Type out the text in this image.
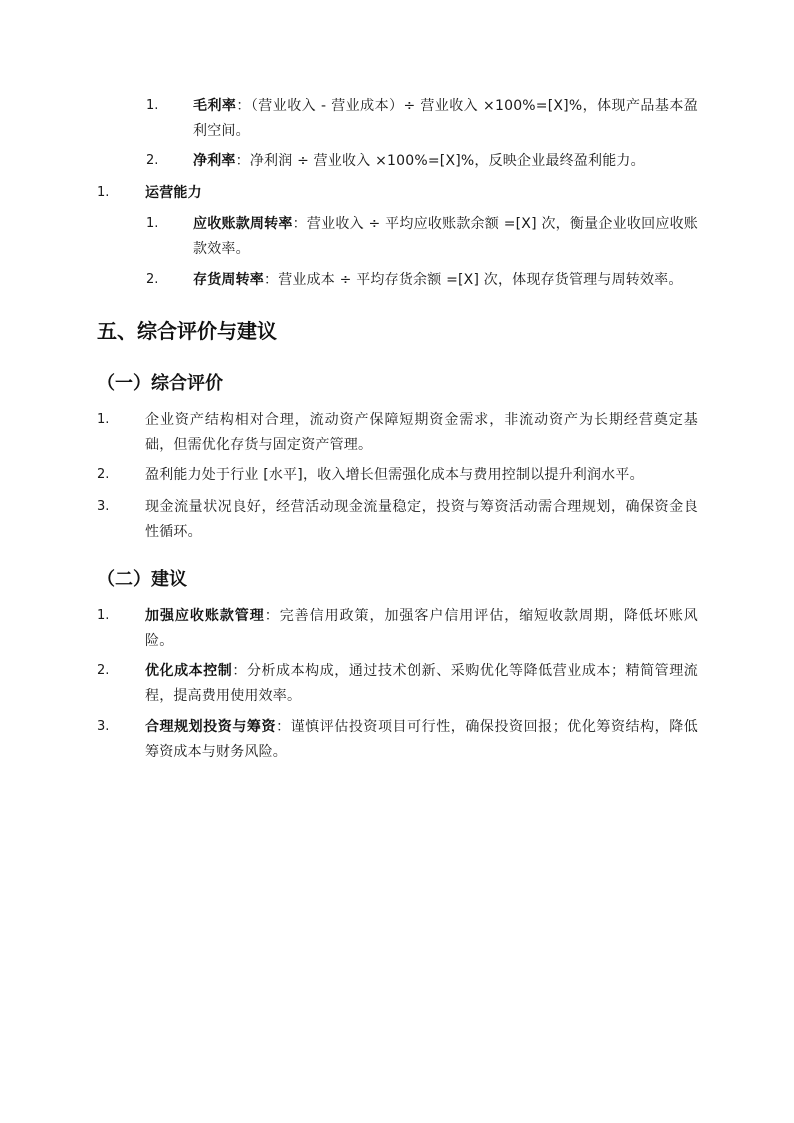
1. 毛利率：（营业收入 - 营业成本）÷ 营业收入 ×100%=[X]%，体现产品基本盈利空间。
2. 净利率：净利润 ÷ 营业收入 ×100%=[X]%，反映企业最终盈利能力。
1.	运营能力
1. 应收账款周转率：营业收入 ÷ 平均应收账款余额 =[X] 次，衡量企业收回应收账款效率。
2. 存货周转率：营业成本 ÷ 平均存货余额 =[X] 次，体现存货管理与周转效率。
五、综合评价与建议
（一）综合评价
1.	企业资产结构相对合理，流动资产保障短期资金需求，非流动资产为长期经营奠定基础，但需优化存货与固定资产管理。
2.	盈利能力处于行业 [水平]，收入增长但需强化成本与费用控制以提升利润水平。
3.	现金流量状况良好，经营活动现金流量稳定，投资与筹资活动需合理规划，确保资金良性循环。
（二）建议
1.	加强应收账款管理：完善信用政策，加强客户信用评估，缩短收款周期，降低坏账风险。
2.	优化成本控制：分析成本构成，通过技术创新、采购优化等降低营业成本；精简管理流程，提高费用使用效率。
3.	合理规划投资与筹资：谨慎评估投资项目可行性，确保投资回报；优化筹资结构，降低筹资成本与财务风险。
